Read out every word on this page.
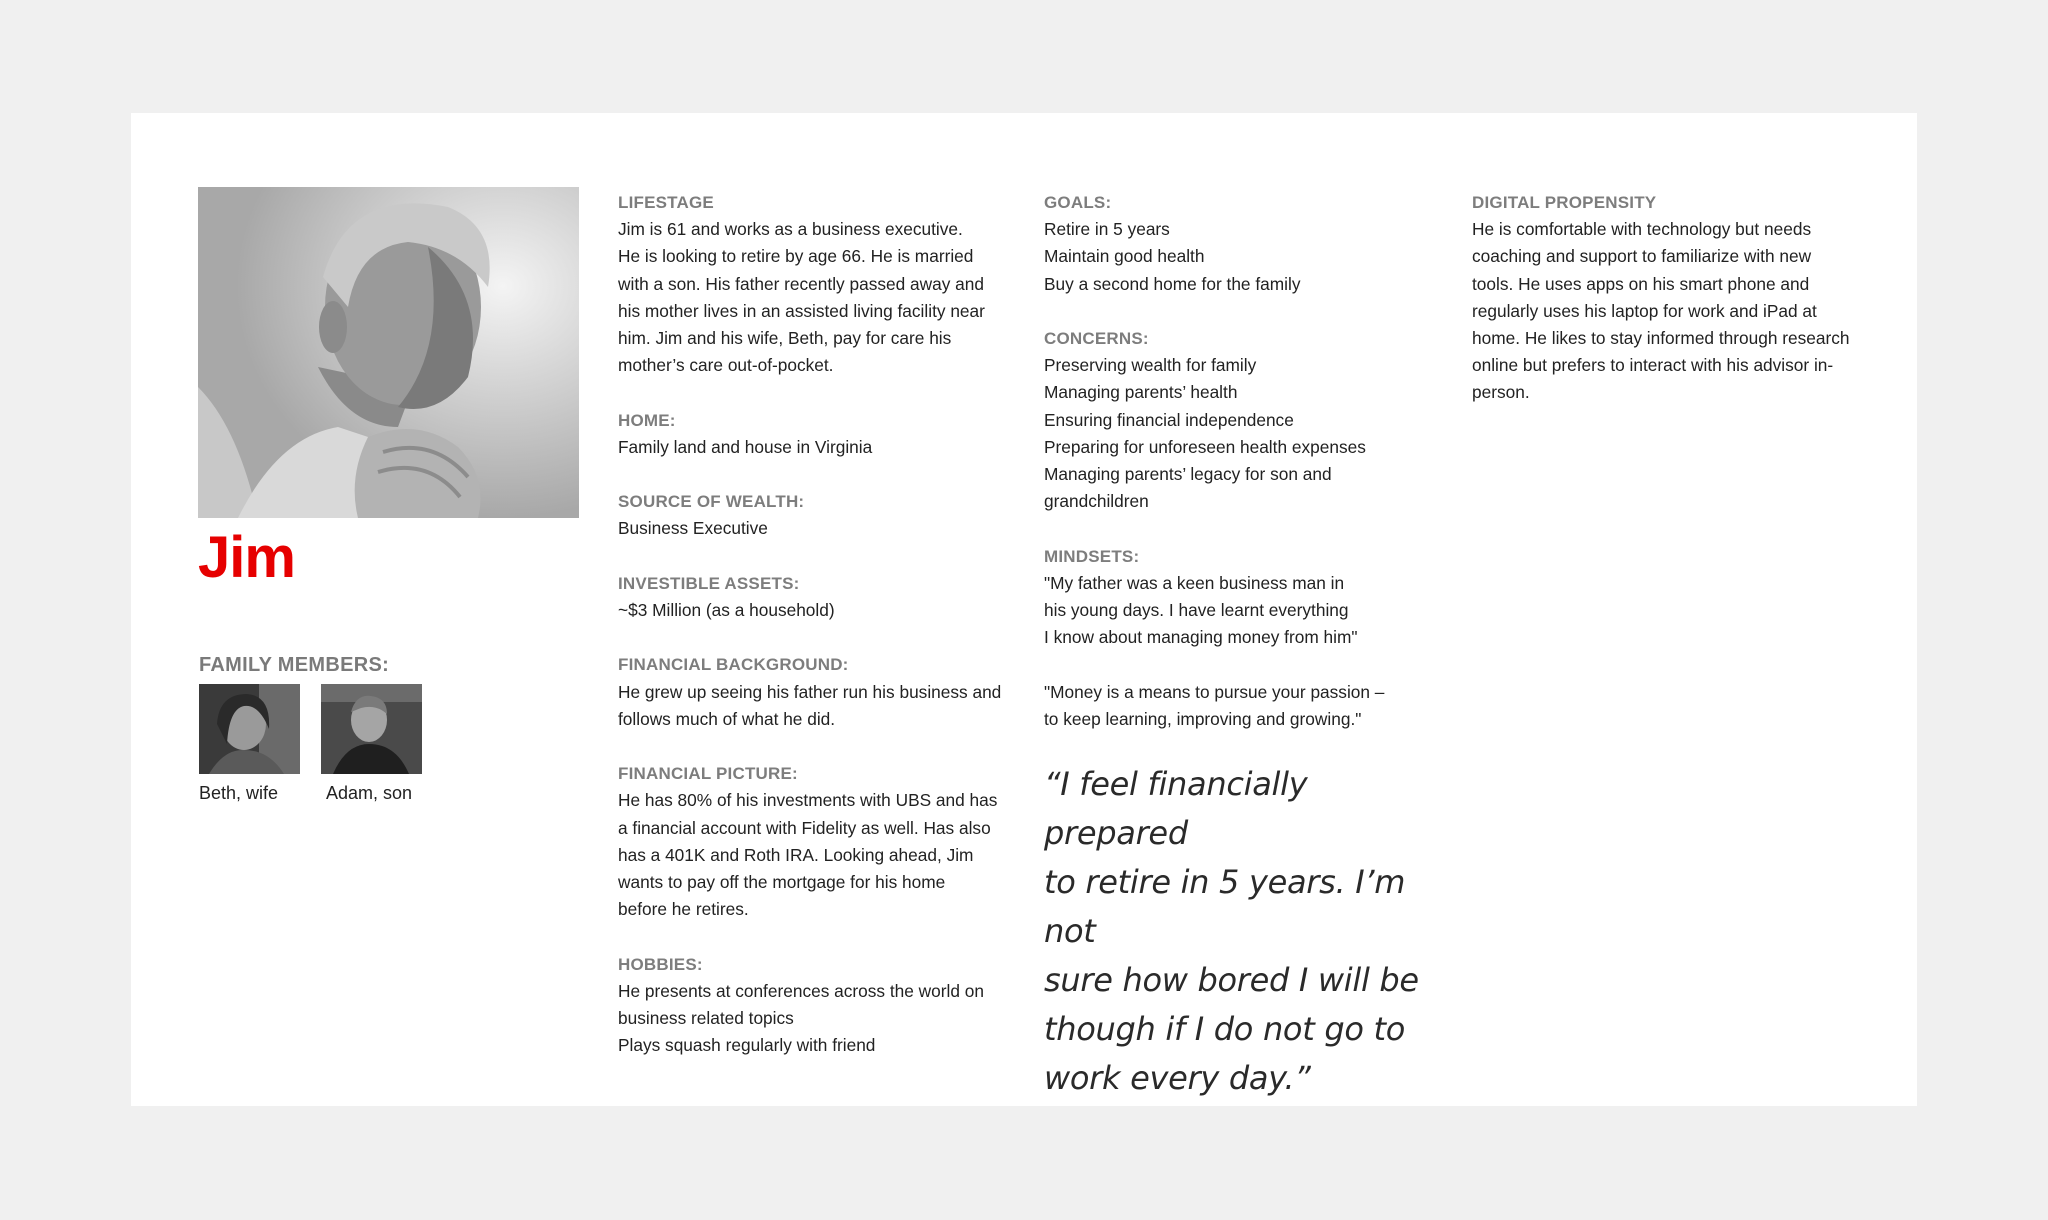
Jim
FAMILY MEMBERS:
Beth, wife	Adam, son
LIFESTAGE

Jim is 61 and works as a business executive.

He is looking to retire by age 66. He is married

with a son. His father recently passed away and

his mother lives in an assisted living facility near

him. Jim and his wife, Beth, pay for care his

mother’s care out-of-pocket.

HOME:

Family land and house in Virginia

SOURCE OF WEALTH:

Business Executive

INVESTIBLE ASSETS:

~$3 Million (as a household)

FINANCIAL BACKGROUND:

He grew up seeing his father run his business and

follows much of what he did.

FINANCIAL PICTURE:

He has 80% of his investments with UBS and has

a financial account with Fidelity as well. Has also

has a 401K and Roth IRA. Looking ahead, Jim

wants to pay off the mortgage for his home

before he retires.

HOBBIES:

He presents at conferences across the world on

business related topics

Plays squash regularly with friend

GOALS:

Retire in 5 years

Maintain good health

Buy a second home for the family

CONCERNS:

Preserving wealth for family

Managing parents’ health

Ensuring financial independence

Preparing for unforeseen health expenses

Managing parents’ legacy for son and

grandchildren

MINDSETS:

"My father was a keen business man in

his young days. I have learnt everything

I know about managing money from him"

"Money is a means to pursue your passion –

to keep learning, improving and growing."

“I feel financially prepared
to retire in 5 years. I’m not
sure how bored I will be
though if I do not go to
work every day.”
DIGITAL PROPENSITY

He is comfortable with technology but needs

coaching and support to familiarize with new

tools. He uses apps on his smart phone and

regularly uses his laptop for work and iPad at

home. He likes to stay informed through research

online but prefers to interact with his advisor in-

person.
